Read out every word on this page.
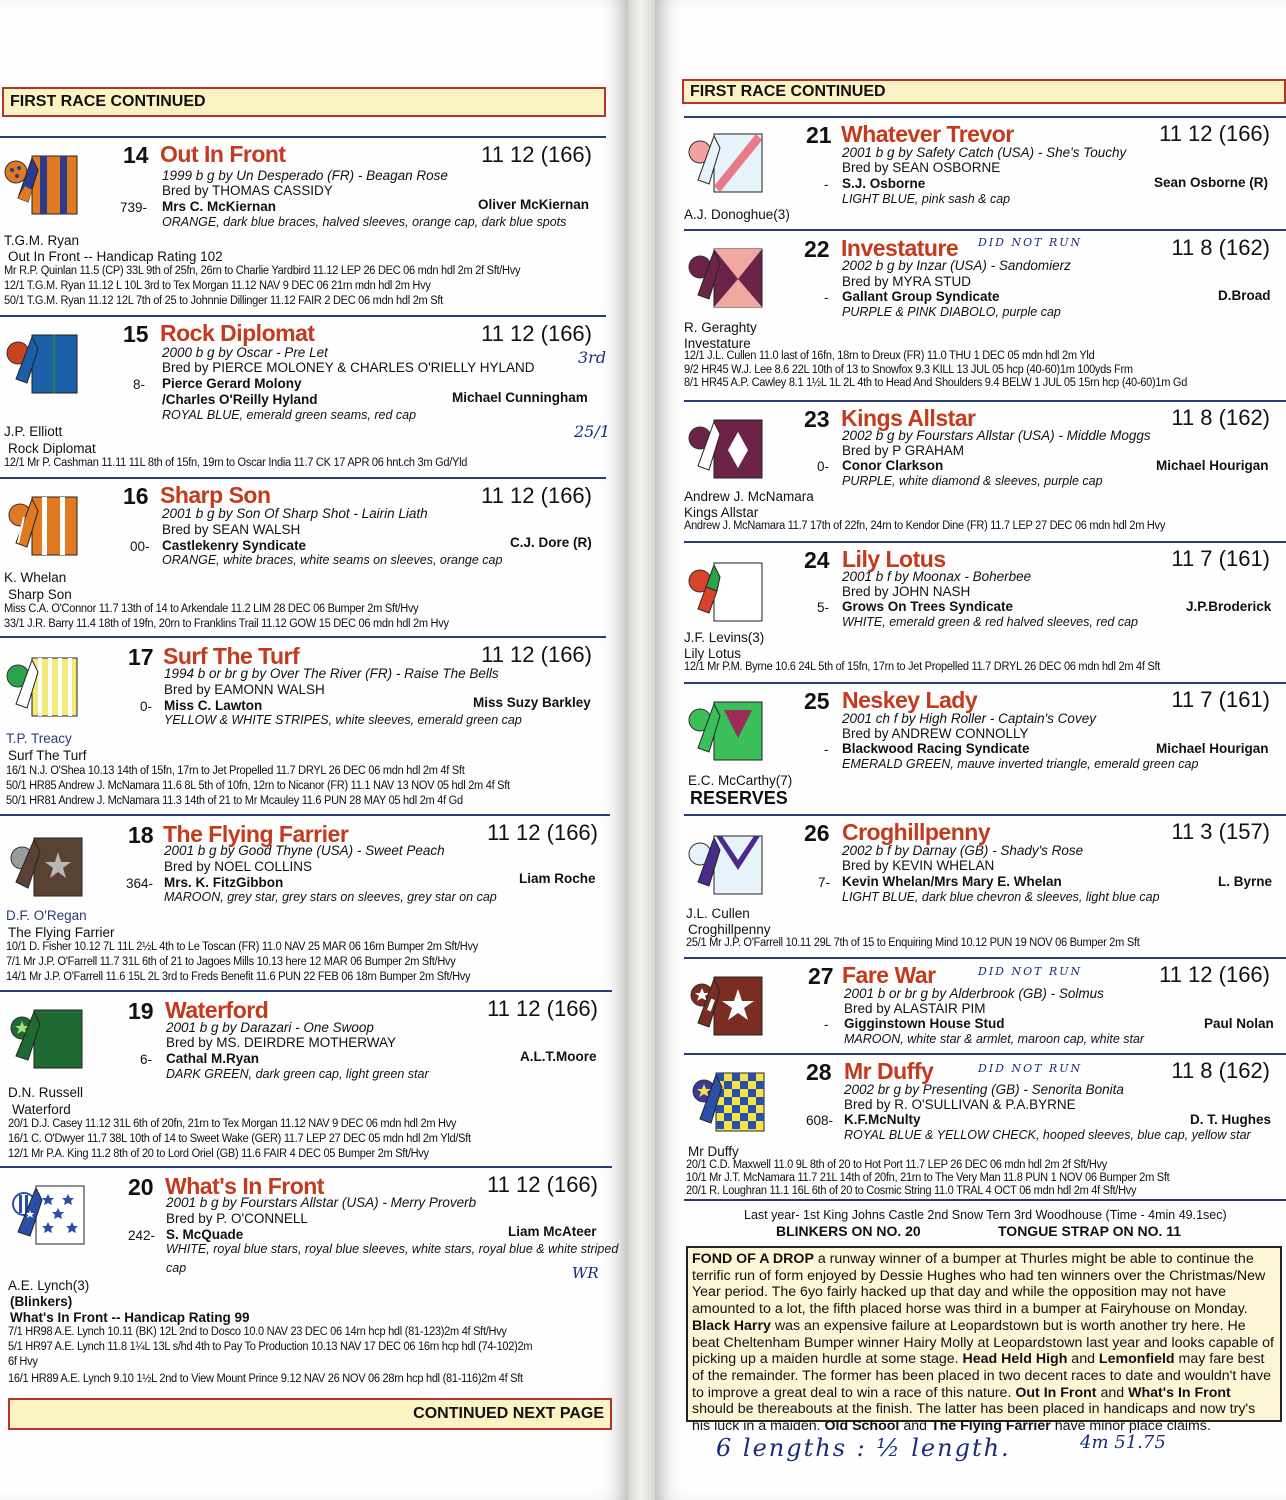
FIRST RACE CONTINUED
FIRST RACE CONTINUED
14 Out In Front	11 12 (166)
1999 b g by Un Desperado (FR) - Beagan Rose
Bred by THOMAS CASSIDY
739- Mrs C. McKiernan	Oliver McKiernan
ORANGE, dark blue braces, halved sleeves, orange cap, dark blue spots
T.G.M. Ryan
Out In Front -- Handicap Rating 102
Mr R.P. Quinlan 11.5 (CP) 33L 9th of 25fn, 26rn to Charlie Yardbird 11.12 LEP 26 DEC 06 mdn hdl 2m 2f Sft/Hvy
12/1 T.G.M. Ryan 11.12 L 10L 3rd to Tex Morgan 11.12 NAV 9 DEC 06 21rn mdn hdl 2m Hvy
50/1 T.G.M. Ryan 11.12 12L 7th of 25 to Johnnie Dillinger 11.12 FAIR 2 DEC 06 mdn hdl 2m Sft
15 Rock Diplomat	11 12 (166)
2000 b g by Oscar - Pre Let
Bred by PIERCE MOLONEY & CHARLES O'RIELLY HYLAND
8- Pierce Gerard Molony
/Charles O'Reilly Hyland	Michael Cunningham
ROYAL BLUE, emerald green seams, red cap
J.P. Elliott
Rock Diplomat
12/1 Mr P. Cashman 11.11 11L 8th of 15fn, 19rn to Oscar India 11.7 CK 17 APR 06 hnt.ch 3m Gd/Yld
16 Sharp Son	11 12 (166)
2001 b g by Son Of Sharp Shot - Lairin Liath
Bred by SEAN WALSH
00- Castlekenry Syndicate	C.J. Dore (R)
ORANGE, white braces, white seams on sleeves, orange cap
K. Whelan
Sharp Son
Miss C.A. O'Connor 11.7 13th of 14 to Arkendale 11.2 LIM 28 DEC 06 Bumper 2m Sft/Hvy
33/1 J.R. Barry 11.4 18th of 19fn, 20rn to Franklins Trail 11.12 GOW 15 DEC 06 mdn hdl 2m Hvy
17 Surf The Turf	11 12 (166)
1994 b or br g by Over The River (FR) - Raise The Bells
Bred by EAMONN WALSH
0- Miss C. Lawton	Miss Suzy Barkley
YELLOW & WHITE STRIPES, white sleeves, emerald green cap
T.P. Treacy
Surf The Turf
16/1 N.J. O'Shea 10.13 14th of 15fn, 17rn to Jet Propelled 11.7 DRYL 26 DEC 06 mdn hdl 2m 4f Sft
50/1 HR85 Andrew J. McNamara 11.6 8L 5th of 10fn, 12rn to Nicanor (FR) 11.1 NAV 13 NOV 05 hdl 2m 4f Sft
50/1 HR81 Andrew J. McNamara 11.3 14th of 21 to Mr Mcauley 11.6 PUN 28 MAY 05 hdl 2m 4f Gd
18 The Flying Farrier	11 12 (166)
2001 b g by Good Thyne (USA) - Sweet Peach
Bred by NOEL COLLINS
364- Mrs. K. FitzGibbon	Liam Roche
MAROON, grey star, grey stars on sleeves, grey star on cap
D.F. O'Regan
The Flying Farrier
10/1 D. Fisher 10.12 7L 11L 2½L 4th to Le Toscan (FR) 11.0 NAV 25 MAR 06 16rn Bumper 2m Sft/Hvy
7/1 Mr J.P. O'Farrell 11.7 31L 6th of 21 to Jagoes Mills 10.13 here 12 MAR 06 Bumper 2m Sft/Hvy
14/1 Mr J.P. O'Farrell 11.6 15L 2L 3rd to Freds Benefit 11.6 PUN 22 FEB 06 18rn Bumper 2m Sft/Hvy
19 Waterford	11 12 (166)
2001 b g by Darazari - One Swoop
Bred by MS. DEIRDRE MOTHERWAY
6- Cathal M.Ryan	A.L.T.Moore
DARK GREEN, dark green cap, light green star
D.N. Russell
Waterford
20/1 D.J. Casey 11.12 31L 6th of 20fn, 21rn to Tex Morgan 11.12 NAV 9 DEC 06 mdn hdl 2m Hvy
16/1 C. O'Dwyer 11.7 38L 10th of 14 to Sweet Wake (GER) 11.7 LEP 27 DEC 05 mdn hdl 2m Yld/Sft
12/1 Mr P.A. King 11.2 8th of 20 to Lord Oriel (GB) 11.6 FAIR 4 DEC 05 Bumper 2m Sft/Hvy
20 What's In Front	11 12 (166)
2001 b g by Fourstars Allstar (USA) - Merry Proverb
Bred by P. O'CONNELL
242- S. McQuade	Liam McAteer
WHITE, royal blue stars, royal blue sleeves, white stars, royal blue & white striped
cap
A.E. Lynch(3)
(Blinkers)
What's In Front -- Handicap Rating 99
7/1 HR98 A.E. Lynch 10.11 (BK) 12L 2nd to Dosco 10.0 NAV 23 DEC 06 14rn hcp hdl (81-123)2m 4f Sft/Hvy
5/1 HR97 A.E. Lynch 11.8 1¼L 13L s/hd 4th to Pay To Production 10.13 NAV 17 DEC 06 16rn hcp hdl (74-102)2m
6f Hvy
16/1 HR89 A.E. Lynch 9.10 1½L 2nd to View Mount Prince 9.12 NAV 26 NOV 06 28rn hcp hdl (81-116)2m 4f Sft
CONTINUED NEXT PAGE
21 Whatever Trevor	11 12 (166)
2001 b g by Safety Catch (USA) - She's Touchy
Bred by SEAN OSBORNE
- S.J. Osborne	Sean Osborne (R)
LIGHT BLUE, pink sash & cap
A.J. Donoghue(3)
22 Investature	11 8 (162)
2002 b g by Inzar (USA) - Sandomierz
Bred by MYRA STUD
- Gallant Group Syndicate	D.Broad
PURPLE & PINK DIABOLO, purple cap
R. Geraghty
Investature
12/1 J.L. Cullen 11.0 last of 16fn, 18rn to Dreux (FR) 11.0 THU 1 DEC 05 mdn hdl 2m Yld
9/2 HR45 W.J. Lee 8.6 22L 10th of 13 to Snowfox 9.3 KILL 13 JUL 05 hcp (40-60)1m 100yds Frm
8/1 HR45 A.P. Cawley 8.1 1½L 1L 2L 4th to Head And Shoulders 9.4 BELW 1 JUL 05 15rn hcp (40-60)1m Gd
23 Kings Allstar	11 8 (162)
2002 b g by Fourstars Allstar (USA) - Middle Moggs
Bred by P GRAHAM
0- Conor Clarkson	Michael Hourigan
PURPLE, white diamond & sleeves, purple cap
Andrew J. McNamara
Kings Allstar
Andrew J. McNamara 11.7 17th of 22fn, 24rn to Kendor Dine (FR) 11.7 LEP 27 DEC 06 mdn hdl 2m Hvy
24 Lily Lotus	11 7 (161)
2001 b f by Moonax - Boherbee
Bred by JOHN NASH
5- Grows On Trees Syndicate	J.P.Broderick
WHITE, emerald green & red halved sleeves, red cap
J.F. Levins(3)
Lily Lotus
12/1 Mr P.M. Byrne 10.6 24L 5th of 15fn, 17rn to Jet Propelled 11.7 DRYL 26 DEC 06 mdn hdl 2m 4f Sft
25 Neskey Lady	11 7 (161)
2001 ch f by High Roller - Captain's Covey
Bred by ANDREW CONNOLLY
- Blackwood Racing Syndicate	Michael Hourigan
EMERALD GREEN, mauve inverted triangle, emerald green cap
E.C. McCarthy(7)
RESERVES
26 Croghillpenny	11 3 (157)
2002 b f by Darnay (GB) - Shady's Rose
Bred by KEVIN WHELAN
7- Kevin Whelan/Mrs Mary E. Whelan	L. Byrne
LIGHT BLUE, dark blue chevron & sleeves, light blue cap
J.L. Cullen
Croghillpenny
25/1 Mr J.P. O'Farrell 10.11 29L 7th of 15 to Enquiring Mind 10.12 PUN 19 NOV 06 Bumper 2m Sft
27 Fare War	11 12 (166)
2001 b or br g by Alderbrook (GB) - Solmus
Bred by ALASTAIR PIM
- Gigginstown House Stud	Paul Nolan
MAROON, white star & armlet, maroon cap, white star
28 Mr Duffy	11 8 (162)
2002 br g by Presenting (GB) - Senorita Bonita
Bred by R. O'SULLIVAN & P.A.BYRNE
608- K.F.McNulty	D. T. Hughes
ROYAL BLUE & YELLOW CHECK, hooped sleeves, blue cap, yellow star
Mr Duffy
20/1 C.D. Maxwell 11.0 9L 8th of 20 to Hot Port 11.7 LEP 26 DEC 06 mdn hdl 2m 2f Sft/Hvy
10/1 Mr J.T. McNamara 11.7 21L 14th of 20fn, 21rn to The Very Man 11.8 PUN 1 NOV 06 Bumper 2m Sft
20/1 R. Loughran 11.1 16L 6th of 20 to Cosmic String 11.0 TRAL 4 OCT 06 mdn hdl 2m 4f Sft/Hvy
Last year- 1st King Johns Castle 2nd Snow Tern 3rd Woodhouse (Time - 4min 49.1sec)
BLINKERS ON NO. 20	TONGUE STRAP ON NO. 11
FOND OF A DROP a runway winner of a bumper at Thurles might be able to continue the terrific run of form enjoyed by Dessie Hughes who had ten winners over the Christmas/New Year period. The 6yo fairly hacked up that day and while the opposition may not have amounted to a lot, the fifth placed horse was third in a bumper at Fairyhouse on Monday. Black Harry was an expensive failure at Leopardstown but is worth another try here. He beat Cheltenham Bumper winner Hairy Molly at Leopardstown last year and looks capable of picking up a maiden hurdle at some stage. Head Held High and Lemonfield may fare best of the remainder. The former has been placed in two decent races to date and wouldn't have to improve a great deal to win a race of this nature. Out In Front and What's In Front should be thereabouts at the finish. The latter has been placed in handicaps and now try's his luck in a maiden. Old School and The Flying Farrier have minor place claims.
3rd
25/1
WR
DID NOT RUN
DID NOT RUN
DID NOT RUN
6 lengths : ½ length.	4m 51.75
